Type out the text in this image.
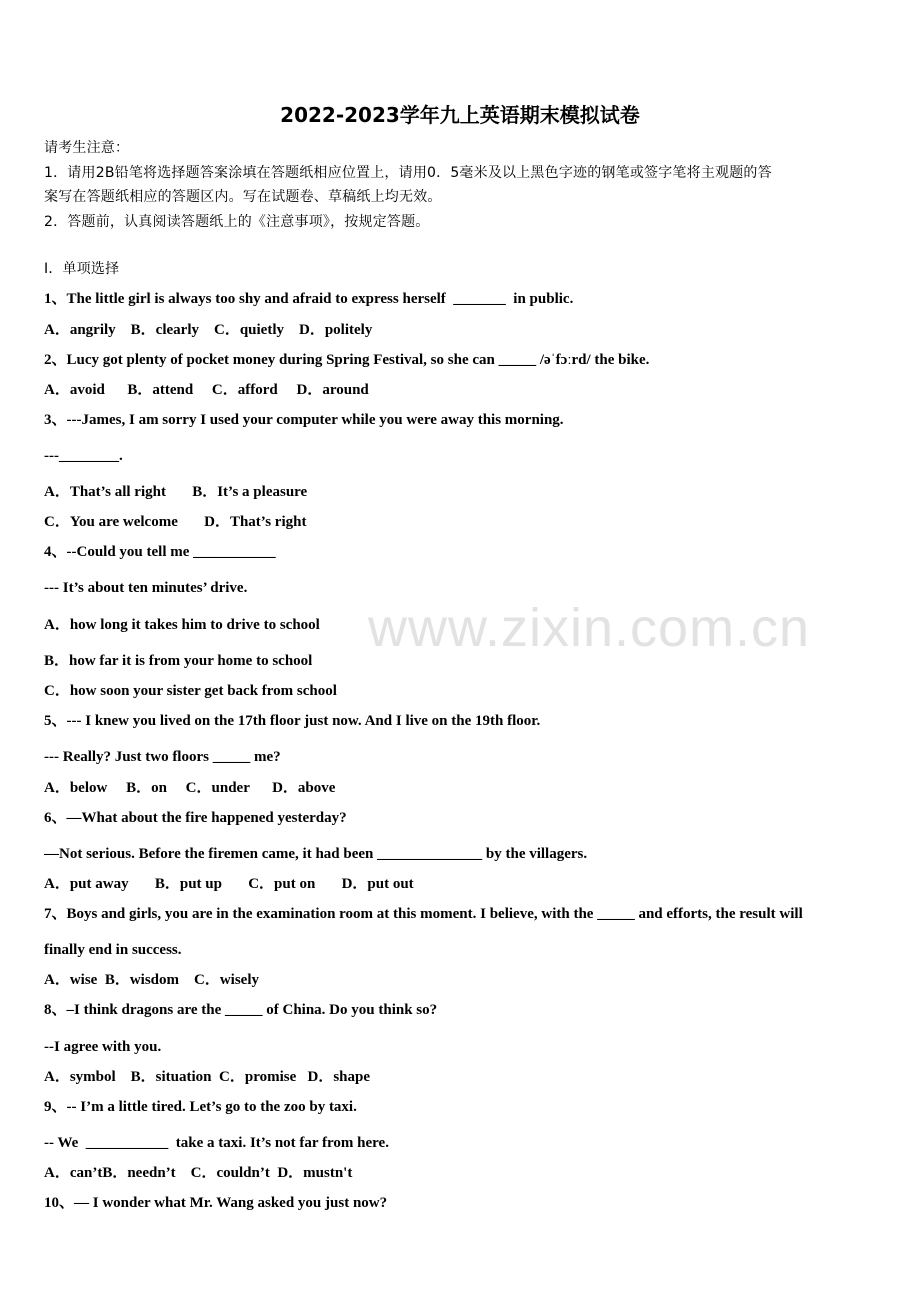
www.zixin.com.cn
2022-2023学年九上英语期末模拟试卷
请考生注意：
1．请用2B铅笔将选择题答案涂填在答题纸相应位置上，请用0．5毫米及以上黑色字迹的钢笔或签字笔将主观题的答
案写在答题纸相应的答题区内。写在试题卷、草稿纸上均无效。
2．答题前，认真阅读答题纸上的《注意事项》，按规定答题。
Ⅰ．单项选择
1、The little girl is always too shy and afraid to express herself  _______  in public.
A．angrily    B．clearly    C．quietly    D．politely
2、Lucy got plenty of pocket money during Spring Festival, so she can _____ /əˈfɔːrd/ the bike.
A．avoid      B．attend     C．afford     D．around
3、---James, I am sorry I used your computer while you were away this morning.
---________.
A．That’s all right       B．It’s a pleasure
C．You are welcome       D．That’s right
4、--Could you tell me ___________
--- It’s about ten minutes’ drive.
A．how long it takes him to drive to school
B．how far it is from your home to school
C．how soon your sister get back from school
5、--- I knew you lived on the 17th floor just now. And I live on the 19th floor.
--- Really? Just two floors _____ me?
A．below     B．on     C．under      D．above
6、—What about the fire happened yesterday?
—Not serious. Before the firemen came, it had been ______________ by the villagers.
A．put away       B．put up       C．put on       D．put out
7、Boys and girls, you are in the examination room at this moment. I believe, with the _____ and efforts, the result will
finally end in success.
A．wise  B．wisdom    C．wisely
8、–I think dragons are the _____ of China. Do you think so?
--I agree with you.
A．symbol    B．situation  C．promise   D．shape
9、-- I’m a little tired. Let’s go to the zoo by taxi.
-- We  ___________  take a taxi. It’s not far from here.
A．can’tB．needn’t    C．couldn’t  D．mustn't
10、— I wonder what Mr. Wang asked you just now?
